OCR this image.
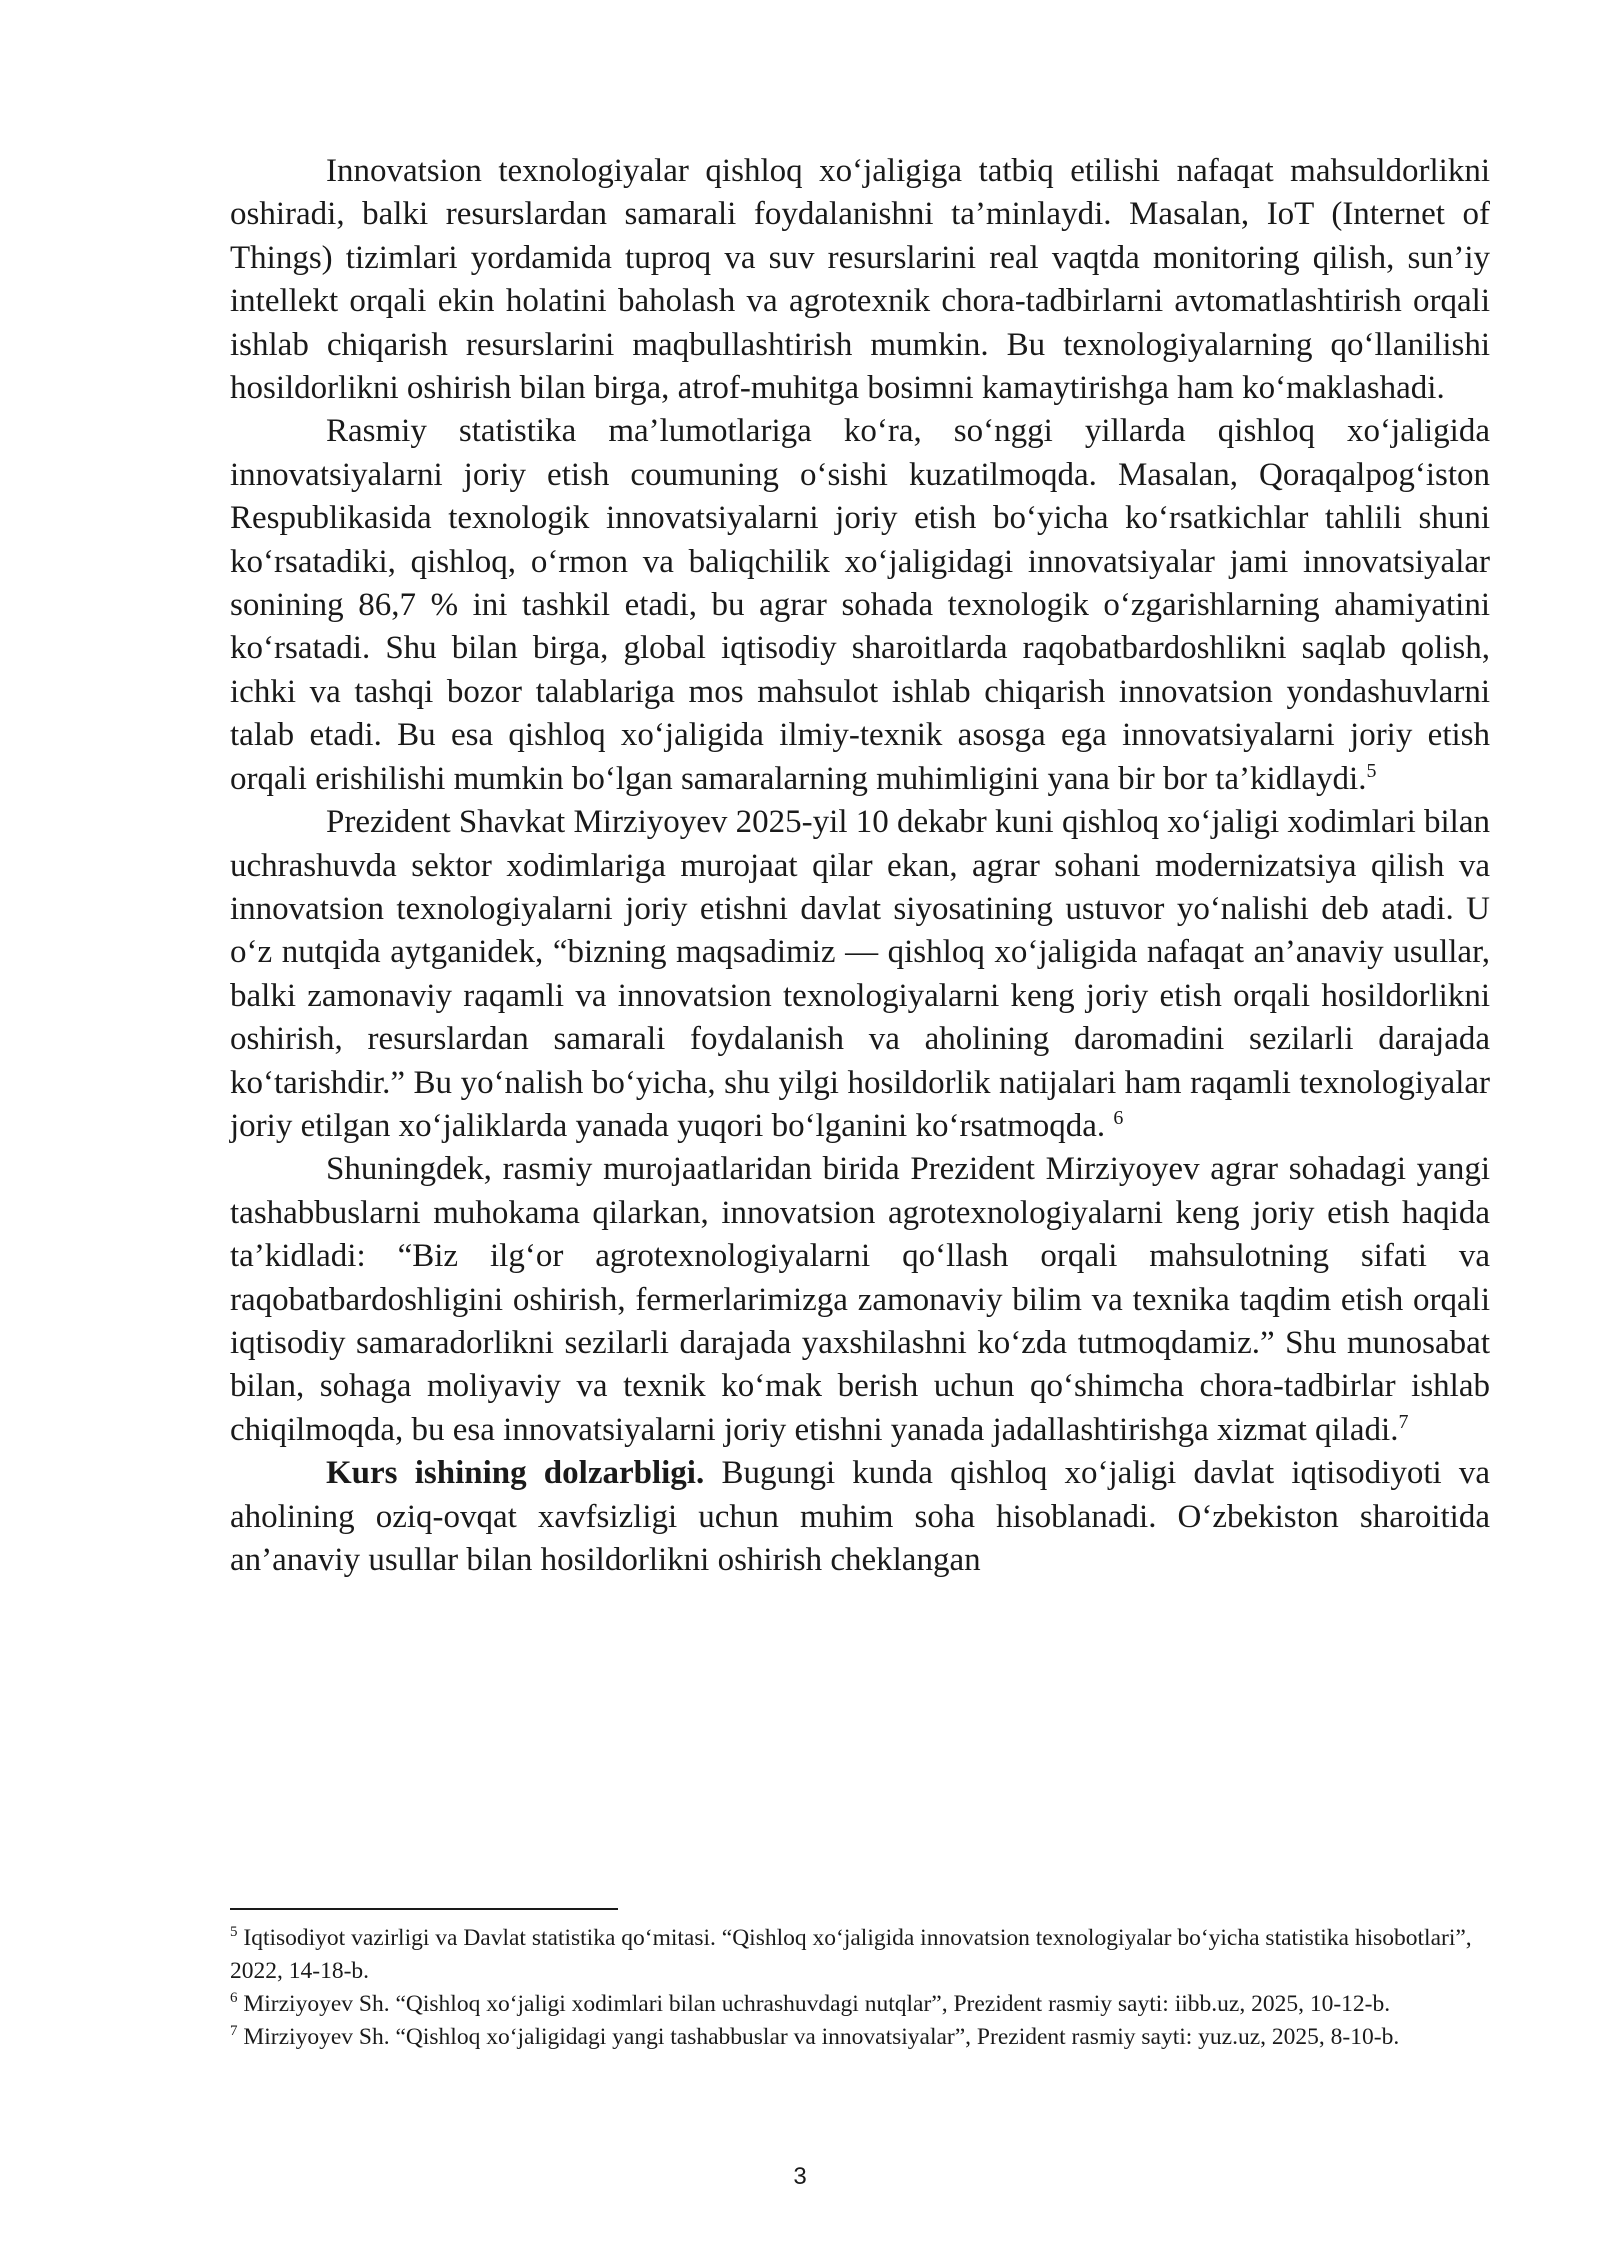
Innovatsion texnologiyalar qishloq xo‘jaligiga tatbiq etilishi nafaqat mahsuldorlikni oshiradi, balki resurslardan samarali foydalanishni ta’minlaydi. Masalan, IoT (Internet of Things) tizimlari yordamida tuproq va suv resurslarini real vaqtda monitoring qilish, sun’iy intellekt orqali ekin holatini baholash va agrotexnik chora-tadbirlarni avtomatlashtirish orqali ishlab chiqarish resurslarini maqbullashtirish mumkin. Bu texnologiyalarning qo‘llanilishi hosildorlikni oshirish bilan birga, atrof-muhitga bosimni kamaytirishga ham ko‘maklashadi.

Rasmiy statistika ma’lumotlariga ko‘ra, so‘nggi yillarda qishloq xo‘jaligida innovatsiyalarni joriy etish coumuning o‘sishi kuzatilmoqda. Masalan, Qoraqalpog‘iston Respublikasida texnologik innovatsiyalarni joriy etish bo‘yicha ko‘rsatkichlar tahlili shuni ko‘rsatadiki, qishloq, o‘rmon va baliqchilik xo‘jaligidagi innovatsiyalar jami innovatsiyalar sonining 86,7 % ini tashkil etadi, bu agrar sohada texnologik o‘zgarishlarning ahamiyatini ko‘rsatadi. Shu bilan birga, global iqtisodiy sharoitlarda raqobatbardoshlikni saqlab qolish, ichki va tashqi bozor talablariga mos mahsulot ishlab chiqarish innovatsion yondashuvlarni talab etadi. Bu esa qishloq xo‘jaligida ilmiy-texnik asosga ega innovatsiyalarni joriy etish orqali erishilishi mumkin bo‘lgan samaralarning muhimligini yana bir bor ta’kidlaydi.$^5$

Prezident Shavkat Mirziyoyev 2025-yil 10 dekabr kuni qishloq xo‘jaligi xodimlari bilan uchrashuvda sektor xodimlariga murojaat qilar ekan, agrar sohani modernizatsiya qilish va innovatsion texnologiyalarni joriy etishni davlat siyosatining ustuvor yo‘nalishi deb atadi. U o‘z nutqida aytganidek, “bizning maqsadimiz — qishloq xo‘jaligida nafaqat an’anaviy usullar, balki zamonaviy raqamli va innovatsion texnologiyalarni keng joriy etish orqali hosildorlikni oshirish, resurslardan samarali foydalanish va aholining daromadini sezilarli darajada ko‘tarishdir.” Bu yo‘nalish bo‘yicha, shu yilgi hosildorlik natijalari ham raqamli texnologiyalar joriy etilgan xo‘jaliklarda yanada yuqori bo‘lganini ko‘rsatmoqda. $^6$

Shuningdek, rasmiy murojaatlaridan birida Prezident Mirziyoyev agrar sohadagi yangi tashabbuslarni muhokama qilarkan, innovatsion agrotexnologiyalarni keng joriy etish haqida ta’kidladi: “Biz ilg‘or agrotexnologiyalarni qo‘llash orqali mahsulotning sifati va raqobatbardoshligini oshirish, fermerlarimizga zamonaviy bilim va texnika taqdim etish orqali iqtisodiy samaradorlikni sezilarli darajada yaxshilashni ko‘zda tutmoqdamiz.” Shu munosabat bilan, sohaga moliyaviy va texnik ko‘mak berish uchun qo‘shimcha chora-tadbirlar ishlab chiqilmoqda, bu esa innovatsiyalarni joriy etishni yanada jadallashtirishga xizmat qiladi.$^7$

Kurs ishining dolzarbligi. Bugungi kunda qishloq xo‘jaligi davlat iqtisodiyoti va aholining oziq-ovqat xavfsizligi uchun muhim soha hisoblanadi. O‘zbekiston sharoitida an’anaviy usullar bilan hosildorlikni oshirish cheklangan

$^5$ Iqtisodiyot vazirligi va Davlat statistika qo‘mitasi. “Qishloq xo‘jaligida innovatsion texnologiyalar bo‘yicha statistika hisobotlari”, 2022, 14-18-b.

$^6$ Mirziyoyev Sh. “Qishloq xo‘jaligi xodimlari bilan uchrashuvdagi nutqlar”, Prezident rasmiy sayti: iibb.uz, 2025, 10-12-b.

$^7$ Mirziyoyev Sh. “Qishloq xo‘jaligidagi yangi tashabbuslar va innovatsiyalar”, Prezident rasmiy sayti: yuz.uz, 2025, 8-10-b.

3
